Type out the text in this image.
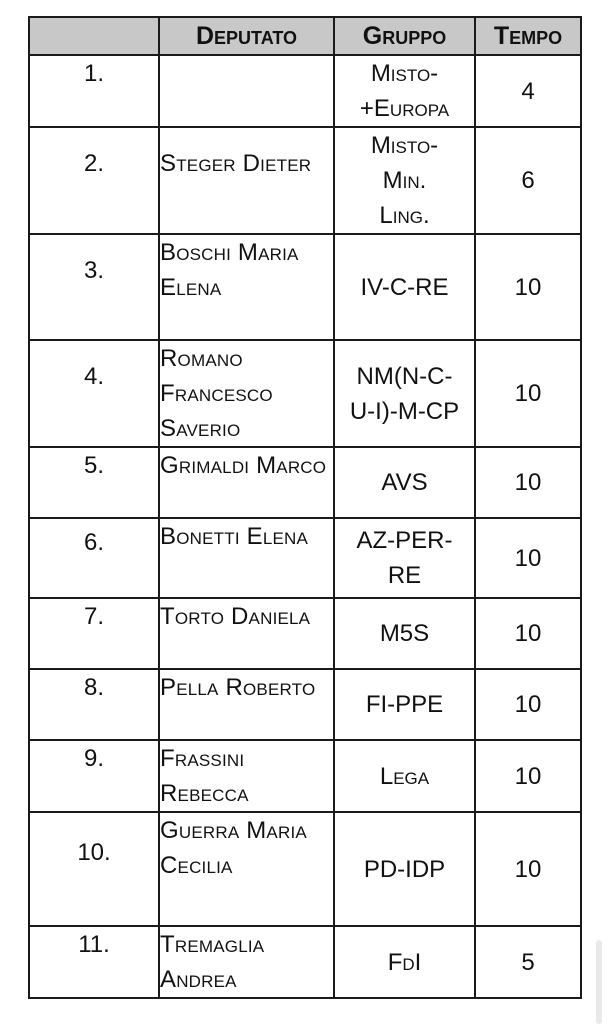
	Deputato	Gruppo	Tempo
1.		Misto-+Europa	4
2.	Steger Dieter	Misto-Min. Ling.	6
3.	Boschi Maria Elena	IV-C-RE	10
4.	Romano Francesco Saverio	NM(N-C-U-I)-M-CP	10
5.	Grimaldi Marco	AVS	10
6.	Bonetti Elena	AZ-PER-RE	10
7.	Torto Daniela	M5S	10
8.	Pella Roberto	FI-PPE	10
9.	Frassini Rebecca	Lega	10
10.	Guerra Maria Cecilia	PD-IDP	10
11.	Tremaglia Andrea	FdI	5
